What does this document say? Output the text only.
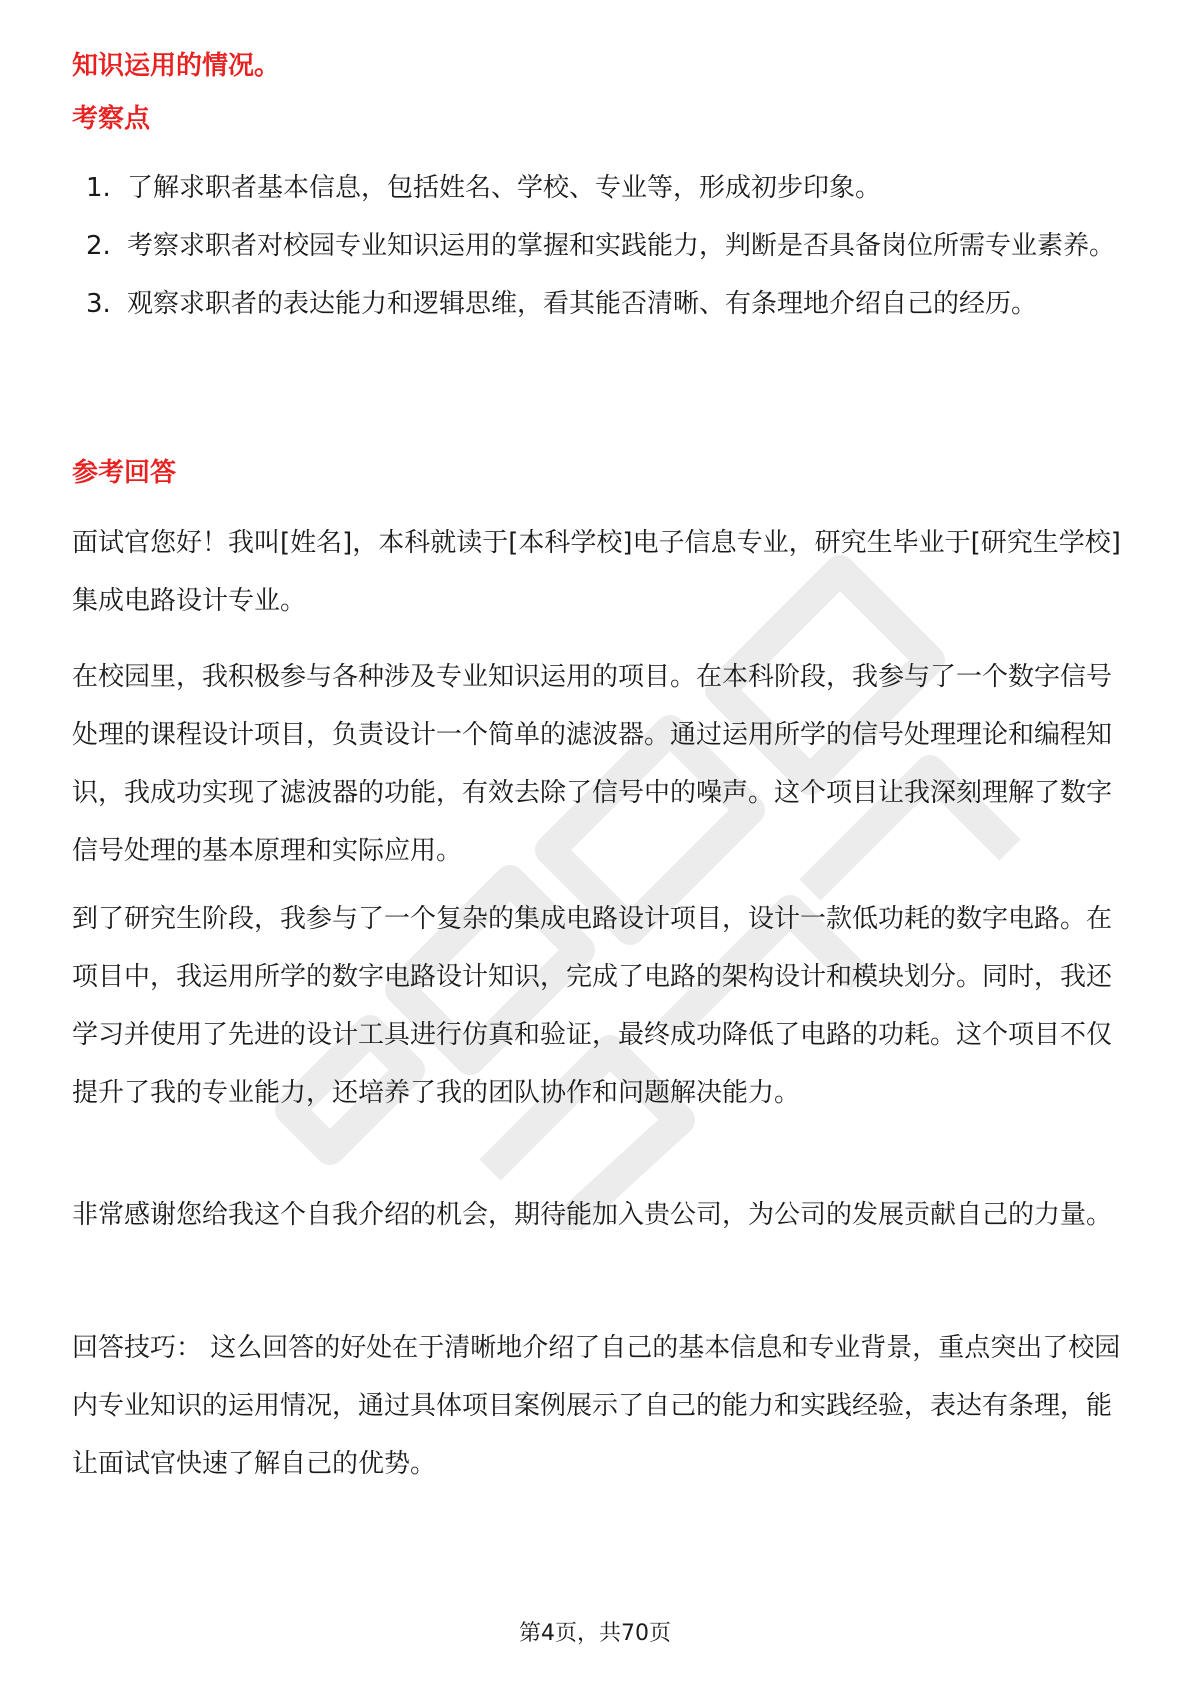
知识运用的情况。
考察点
1. 了解求职者基本信息，包括姓名、学校、专业等，形成初步印象。
2. 考察求职者对校园专业知识运用的掌握和实践能力，判断是否具备岗位所需专业素养。
3. 观察求职者的表达能力和逻辑思维，看其能否清晰、有条理地介绍自己的经历。
参考回答

面试官您好！我叫[姓名]，本科就读于[本科学校]电子信息专业，研究生毕业于[研究生学校]集成电路设计专业。

在校园里，我积极参与各种涉及专业知识运用的项目。在本科阶段，我参与了一个数字信号处理的课程设计项目，负责设计一个简单的滤波器。通过运用所学的信号处理理论和编程知识，我成功实现了滤波器的功能，有效去除了信号中的噪声。这个项目让我深刻理解了数字信号处理的基本原理和实际应用。

到了研究生阶段，我参与了一个复杂的集成电路设计项目，设计一款低功耗的数字电路。在项目中，我运用所学的数字电路设计知识，完成了电路的架构设计和模块划分。同时，我还学习并使用了先进的设计工具进行仿真和验证，最终成功降低了电路的功耗。这个项目不仅提升了我的专业能力，还培养了我的团队协作和问题解决能力。

非常感谢您给我这个自我介绍的机会，期待能加入贵公司，为公司的发展贡献自己的力量。

回答技巧： 这么回答的好处在于清晰地介绍了自己的基本信息和专业背景，重点突出了校园内专业知识的运用情况，通过具体项目案例展示了自己的能力和实践经验，表达有条理，能让面试官快速了解自己的优势。

第4页，共70页
